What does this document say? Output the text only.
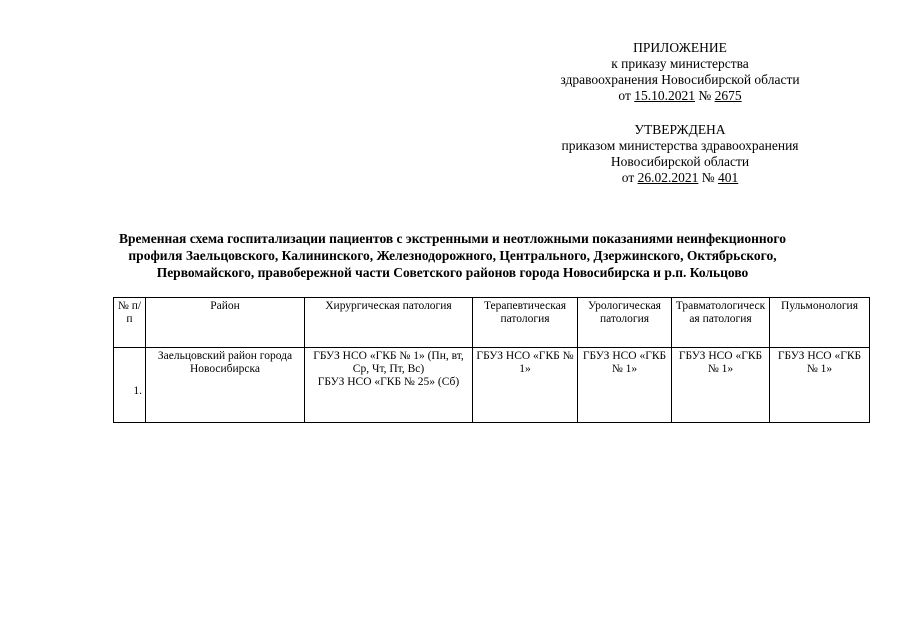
ПРИЛОЖЕНИЕ
к приказу министерства
здравоохранения Новосибирской области
от 15.10.2021 № 2675
УТВЕРЖДЕНА
приказом министерства здравоохранения
Новосибирской области
от 26.02.2021 № 401
Временная схема госпитализации пациентов с экстренными и неотложными показаниями неинфекционного
профиля Заельцовского, Калининского, Железнодорожного, Центрального, Дзержинского, Октябрьского,
Первомайского, правобережной части Советского районов города Новосибирска и р.п. Кольцово
№ п/п	Район	Хирургическая патология	Терапевтическая патология	Урологическая патология	Травматологическая патология	Пульмонология
1.	Заельцовский район города Новосибирска	ГБУЗ НСО «ГКБ № 1» (Пн, вт, Ср, Чт, Пт, Вс)
ГБУЗ НСО «ГКБ № 25» (Сб)	ГБУЗ НСО «ГКБ № 1»	ГБУЗ НСО «ГКБ № 1»	ГБУЗ НСО «ГКБ № 1»	ГБУЗ НСО «ГКБ № 1»
